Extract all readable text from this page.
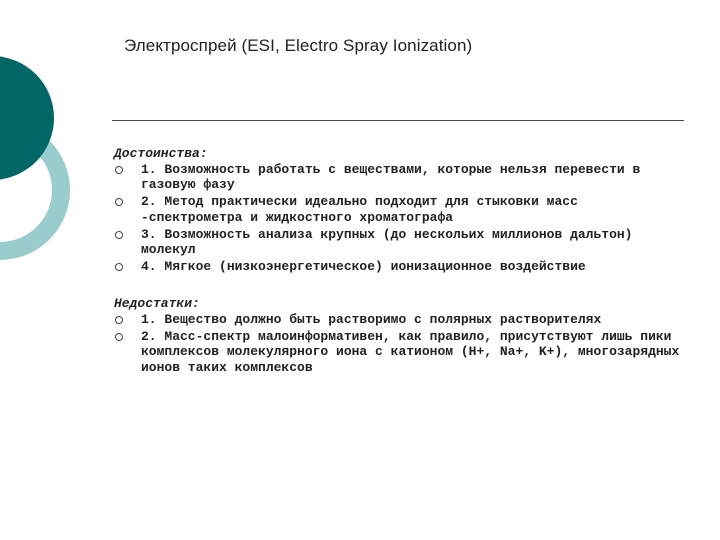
Электроспрей (ESI, Electro Spray Ionization)
Достоинства:
1. Возможность работать с веществами, которые нельзя перевести в газовую фазу
2. Метод практически идеально подходит для стыковки масс -спектрометра и жидкостного хроматографа
3. Возможность анализа крупных (до нескольих миллионов дальтон) молекул
4. Мягкое (низкоэнергетическое) ионизационное воздействие
Недостатки:
1. Вещество должно быть растворимо с полярных растворителях
2. Масс-спектр малоинформативен, как правило, присутствуют лишь пики комплексов молекулярного иона с катионом (H+, Na+, K+), многозарядных ионов таких комплексов
